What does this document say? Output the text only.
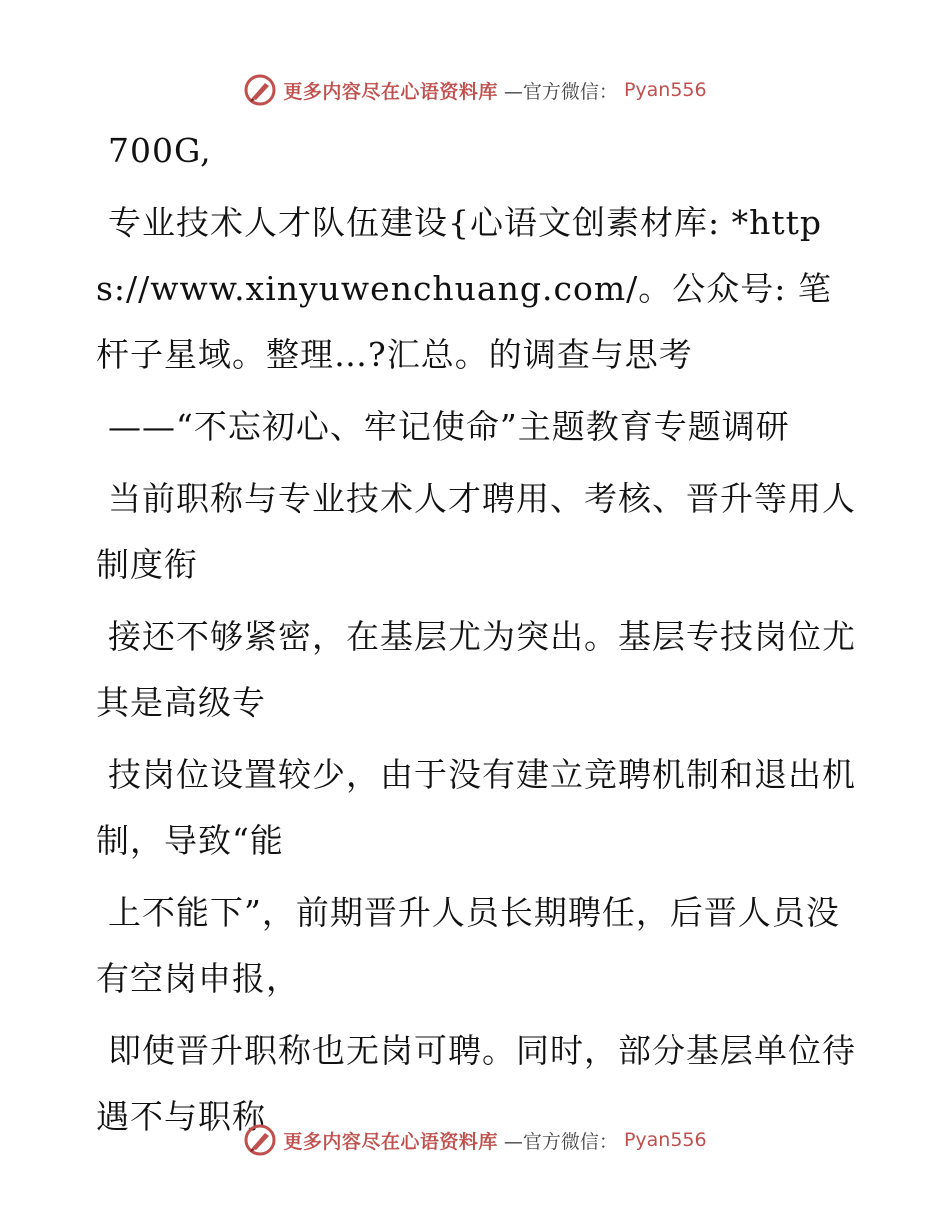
更多内容尽在心语资料库 —官方微信： Pyan556

700G,

专业技术人才队伍建设{心语文创素材库: *https://www.xinyuwenchuang.com/。公众号: 笔杆子星域。整理…?汇总。的调查与思考

——“不忘初心、牢记使命”主题教育专题调研

当前职称与专业技术人才聘用、考核、晋升等用人制度衔

接还不够紧密，在基层尤为突出。基层专技岗位尤其是高级专

技岗位设置较少，由于没有建立竞聘机制和退出机制，导致“能

上不能下”，前期晋升人员长期聘任，后晋人员没有空岗申报，

即使晋升职称也无岗可聘。同时，部分基层单位待遇不与职称

更多内容尽在心语资料库 —官方微信： Pyan556
